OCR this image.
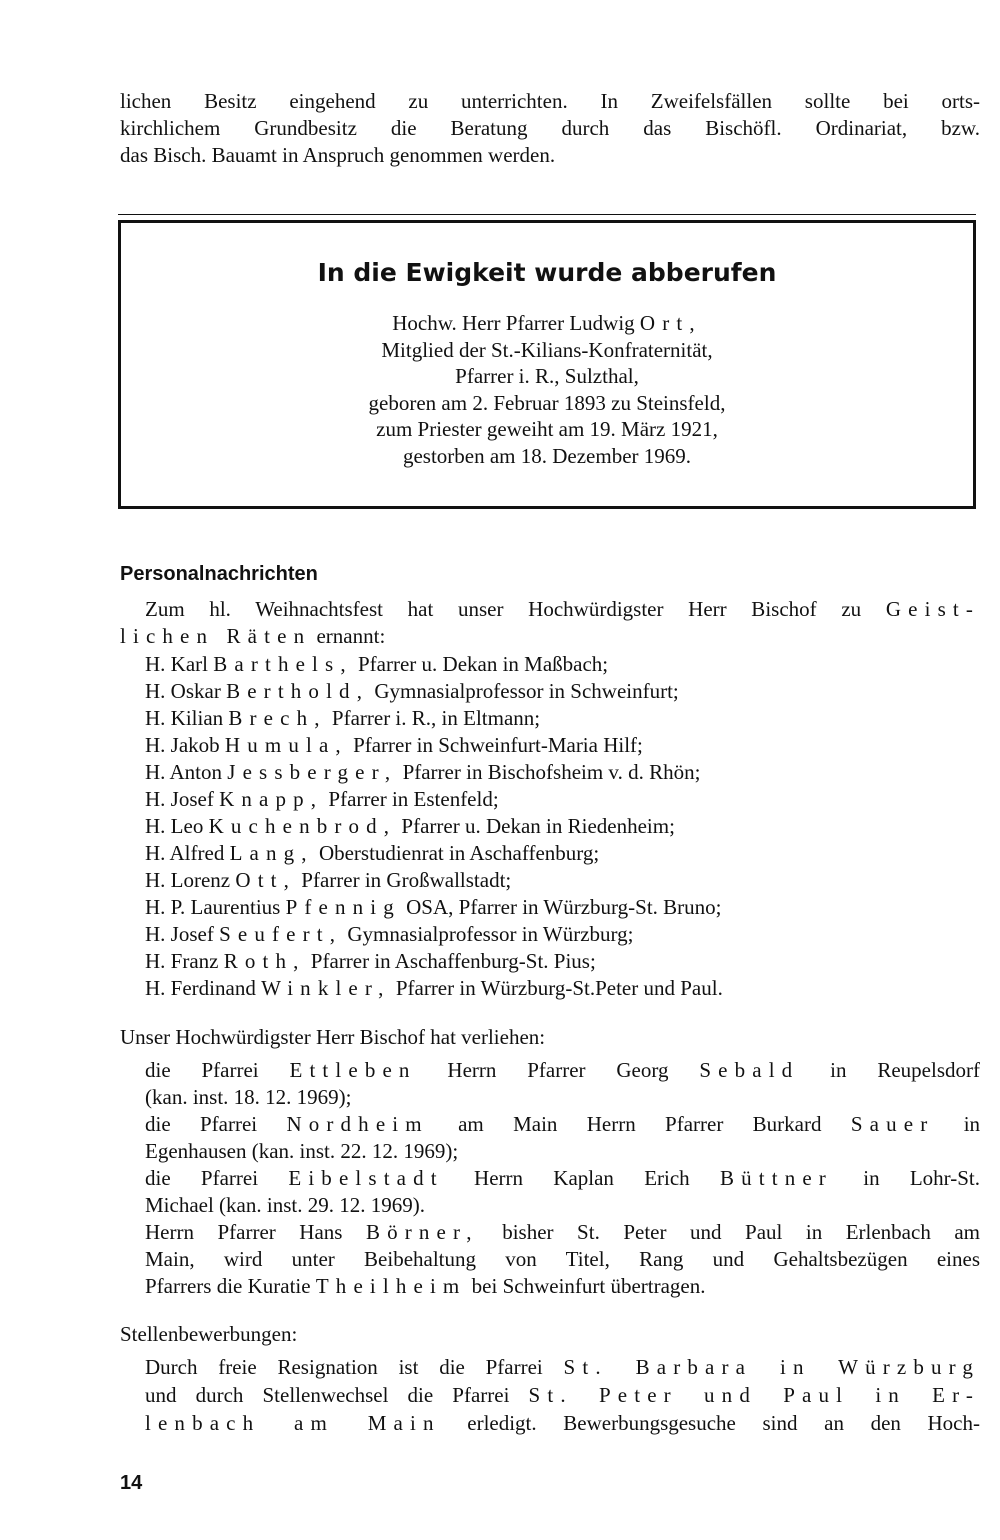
lichen Besitz eingehend zu unterrichten. In Zweifelsfällen sollte bei orts-
kirchlichem Grundbesitz die Beratung durch das Bischöfl. Ordinariat, bzw.
das Bisch. Bauamt in Anspruch genommen werden.
In die Ewigkeit wurde abberufen
Hochw. Herr Pfarrer Ludwig Ort,
Mitglied der St.-Kilians-Konfraternität,
Pfarrer i. R., Sulzthal,
geboren am 2. Februar 1893 zu Steinsfeld,
zum Priester geweiht am 19. März 1921,
gestorben am 18. Dezember 1969.
Personalnachrichten
Zum hl. Weihnachtsfest hat unser Hochwürdigster Herr Bischof zu Geist-
lichen Räten ernannt:
H. Karl Barthels, Pfarrer u. Dekan in Maßbach;
H. Oskar Berthold, Gymnasialprofessor in Schweinfurt;
H. Kilian Brech, Pfarrer i. R., in Eltmann;
H. Jakob Humula, Pfarrer in Schweinfurt-Maria Hilf;
H. Anton Jessberger, Pfarrer in Bischofsheim v. d. Rhön;
H. Josef Knapp, Pfarrer in Estenfeld;
H. Leo Kuchenbrod, Pfarrer u. Dekan in Riedenheim;
H. Alfred Lang, Oberstudienrat in Aschaffenburg;
H. Lorenz Ott, Pfarrer in Großwallstadt;
H. P. Laurentius Pfennig OSA, Pfarrer in Würzburg-St. Bruno;
H. Josef Seufert, Gymnasialprofessor in Würzburg;
H. Franz Roth, Pfarrer in Aschaffenburg-St. Pius;
H. Ferdinand Winkler, Pfarrer in Würzburg-St.Peter und Paul.
Unser Hochwürdigster Herr Bischof hat verliehen:
die Pfarrei Ettleben Herrn Pfarrer Georg Sebald in Reupelsdorf
(kan. inst. 18. 12. 1969);
die Pfarrei Nordheim am Main Herrn Pfarrer Burkard Sauer in
Egenhausen (kan. inst. 22. 12. 1969);
die Pfarrei Eibelstadt Herrn Kaplan Erich Büttner in Lohr-St.
Michael (kan. inst. 29. 12. 1969).
Herrn Pfarrer Hans Börner, bisher St. Peter und Paul in Erlenbach am
Main, wird unter Beibehaltung von Titel, Rang und Gehaltsbezügen eines
Pfarrers die Kuratie Theilheim bei Schweinfurt übertragen.
Stellenbewerbungen:
Durch freie Resignation ist die Pfarrei St. Barbara in Würzburg
und durch Stellenwechsel die Pfarrei St. Peter und Paul in Er-
lenbach am Main erledigt. Bewerbungsgesuche sind an den Hoch-
14
